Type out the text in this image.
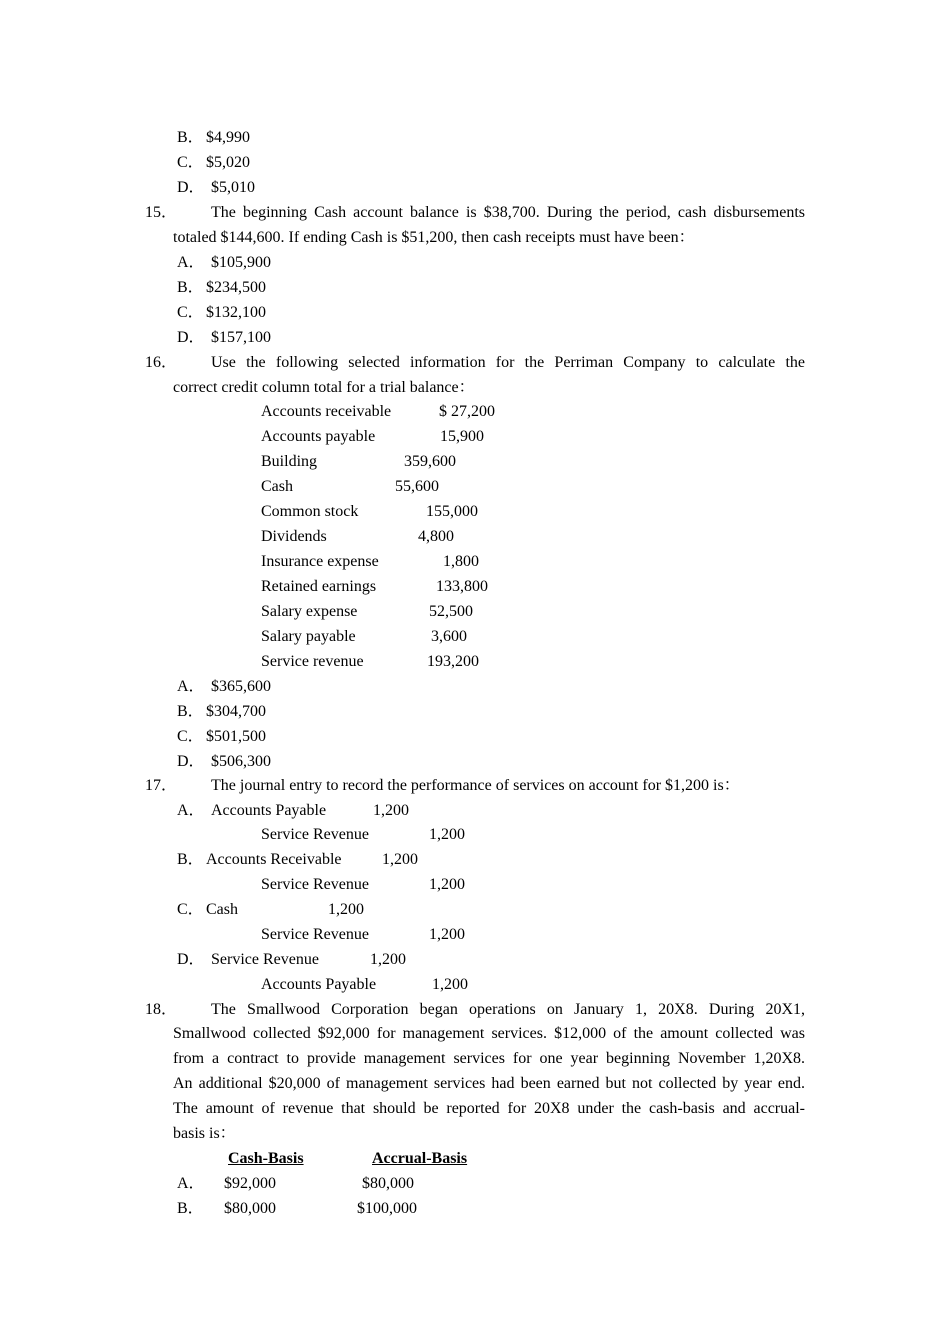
B． $4,990
C． $5,020
D． $5,010
15． The beginning Cash account balance is $38,700. During the period, cash disbursements
totaled $144,600. If ending Cash is $51,200, then cash receipts must have been：
A． $105,900
B． $234,500
C． $132,100
D． $157,100
16． Use the following selected information for the Perriman Company to calculate the
correct credit column total for a trial balance：
Accounts receivable	$ 27,200
Accounts payable	15,900
Building	359,600
Cash	55,600
Common stock	155,000
Dividends	4,800
Insurance expense	1,800
Retained earnings	133,800
Salary expense	52,500
Salary payable	3,600
Service revenue	193,200
A． $365,600
B． $304,700
C． $501,500
D． $506,300
17． The journal entry to record the performance of services on account for $1,200 is：
A． Accounts Payable	1,200
Service Revenue	1,200
B． Accounts Receivable	1,200
Service Revenue	1,200
C． Cash	1,200
Service Revenue	1,200
D． Service Revenue	1,200
Accounts Payable	1,200
18． The Smallwood Corporation began operations on January 1, 20X8. During 20X1,
Smallwood collected $92,000 for management services. $12,000 of the amount collected was
from a contract to provide management services for one year beginning November 1,20X8.
An additional $20,000 of management services had been earned but not collected by year end.
The amount of revenue that should be reported for 20X8 under the cash-basis and accrual-
basis is：
Cash-Basis	Accrual-Basis
A． $92,000	$80,000
B． $80,000	$100,000
